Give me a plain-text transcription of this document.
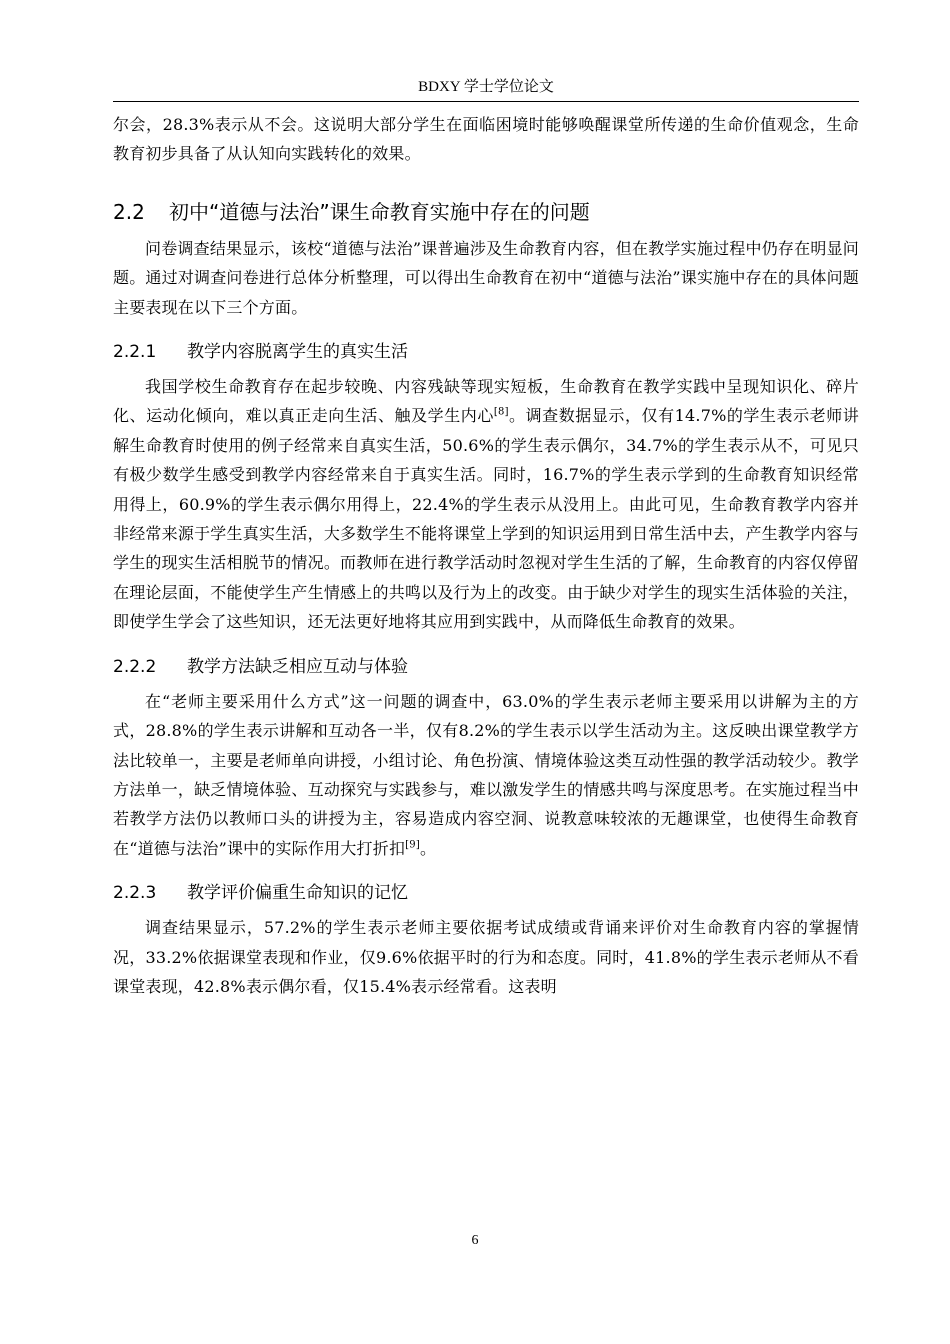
BDXY 学士学位论文

尔会，28.3%表示从不会。这说明大部分学生在面临困境时能够唤醒课堂所传递的生命价值观念，生命教育初步具备了从认知向实践转化的效果。

2.2	初中“道德与法治”课生命教育实施中存在的问题

问卷调查结果显示，该校“道德与法治”课普遍涉及生命教育内容，但在教学实施过程中仍存在明显问题。通过对调查问卷进行总体分析整理，可以得出生命教育在初中“道德与法治”课实施中存在的具体问题主要表现在以下三个方面。

2.2.1	教学内容脱离学生的真实生活

我国学校生命教育存在起步较晚、内容残缺等现实短板，生命教育在教学实践中呈现知识化、碎片化、运动化倾向，难以真正走向生活、触及学生内心[8]。调查数据显示，仅有14.7%的学生表示老师讲解生命教育时使用的例子经常来自真实生活，50.6%的学生表示偶尔，34.7%的学生表示从不，可见只有极少数学生感受到教学内容经常来自于真实生活。同时，16.7%的学生表示学到的生命教育知识经常用得上，60.9%的学生表示偶尔用得上，22.4%的学生表示从没用上。由此可见，生命教育教学内容并非经常来源于学生真实生活，大多数学生不能将课堂上学到的知识运用到日常生活中去，产生教学内容与学生的现实生活相脱节的情况。而教师在进行教学活动时忽视对学生生活的了解，生命教育的内容仅停留在理论层面，不能使学生产生情感上的共鸣以及行为上的改变。由于缺少对学生的现实生活体验的关注，即使学生学会了这些知识，还无法更好地将其应用到实践中，从而降低生命教育的效果。

2.2.2	教学方法缺乏相应互动与体验

在“老师主要采用什么方式”这一问题的调查中，63.0%的学生表示老师主要采用以讲解为主的方式，28.8%的学生表示讲解和互动各一半，仅有8.2%的学生表示以学生活动为主。这反映出课堂教学方法比较单一，主要是老师单向讲授，小组讨论、角色扮演、情境体验这类互动性强的教学活动较少。教学方法单一，缺乏情境体验、互动探究与实践参与，难以激发学生的情感共鸣与深度思考。在实施过程当中若教学方法仍以教师口头的讲授为主，容易造成内容空洞、说教意味较浓的无趣课堂，也使得生命教育在“道德与法治”课中的实际作用大打折扣[9]。

2.2.3	教学评价偏重生命知识的记忆

调查结果显示，57.2%的学生表示老师主要依据考试成绩或背诵来评价对生命教育内容的掌握情况，33.2%依据课堂表现和作业，仅9.6%依据平时的行为和态度。同时，41.8%的学生表示老师从不看课堂表现，42.8%表示偶尔看，仅15.4%表示经常看。这表明

6
